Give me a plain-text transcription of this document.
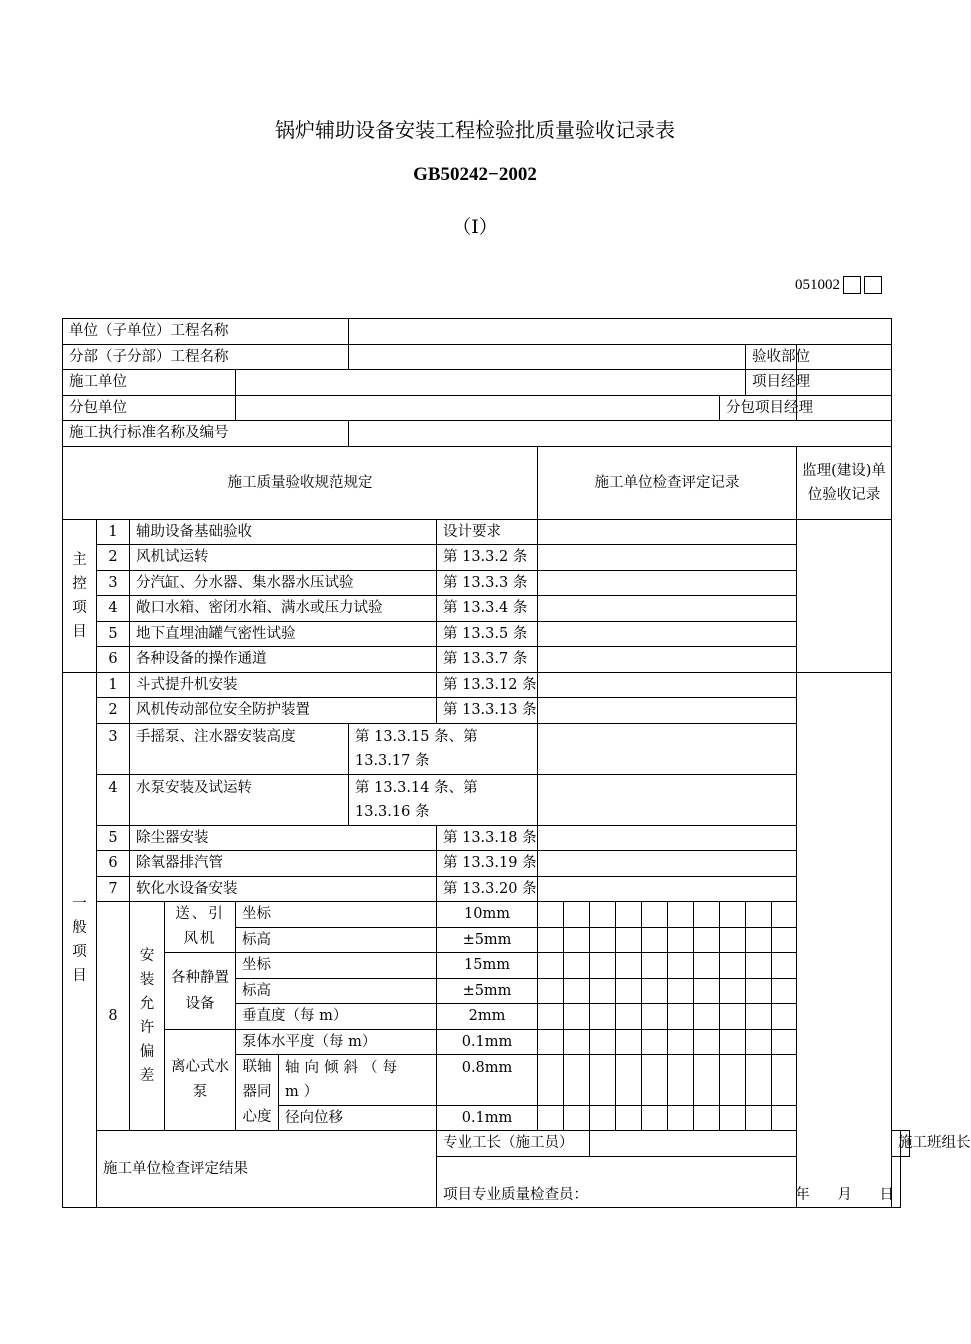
锅炉辅助设备安装工程检验批质量验收记录表
GB50242−2002
（Ⅰ）
051002
单位（子单位）工程名称																				
分部（子分部）工程名称																验收部位				
施工单位																项目经理				
分包单位															分包项目经理					
施工执行标准名称及编号																				
施工质量验收规范规定								施工单位检查评定记录										监理(建设)单位验收记录		
主控项目	1	辅助设备基础验收					设计要求													
	2	风机试运转					第 13.3.2 条													
	3	分汽缸、分水器、集水器水压试验					第 13.3.3 条													
	4	敞口水箱、密闭水箱、满水或压力试验					第 13.3.4 条													
	5	地下直埋油罐气密性试验					第 13.3.5 条													
	6	各种设备的操作通道					第 13.3.7 条													
一般项目	1	斗式提升机安装					第 13.3.12 条													
	2	风机传动部位安全防护装置					第 13.3.13 条													
	3	手摇泵、注水器安装高度				第 13.3.15 条、第 13.3.17 条														
	4	水泵安装及试运转				第 13.3.14 条、第 13.3.16 条														
	5	除尘器安装					第 13.3.18 条													
	6	除氧器排汽管					第 13.3.19 条													
	7	软化水设备安装					第 13.3.20 条													
	8	安装允许偏差	送、引风机	坐标			10mm													
				标高			±5mm													
			各种静置设备	坐标			15mm													
				标高			±5mm													
				垂直度（每 m）			2mm													
			离心式水泵	泵体水平度（每 m）			0.1mm													
				联轴器同心度	轴向倾斜（每 m）		0.8mm													

					径向位移		0.1mm													
	施工单位检查评定结果						专业工长（施工员）												施工班组长	

							项目专业质量检查员： 年 月 日													
